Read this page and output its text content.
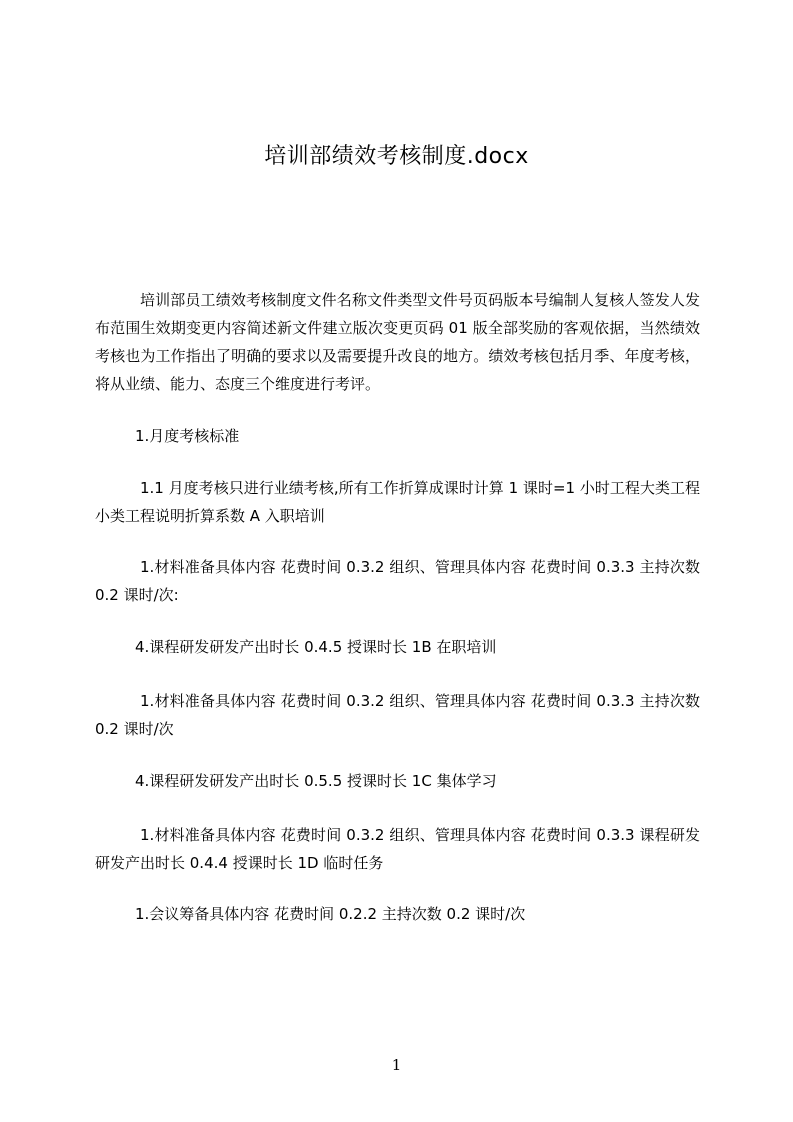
培训部绩效考核制度.docx

培训部员工绩效考核制度文件名称文件类型文件号页码版本号编制人复核人签发人发布范围生效期变更内容简述新文件建立版次变更页码 01 版全部奖励的客观依据，当然绩效考核也为工作指出了明确的要求以及需要提升改良的地方。绩效考核包括月季、年度考核，将从业绩、能力、态度三个维度进行考评。

1.月度考核标准

1.1 月度考核只进行业绩考核,所有工作折算成课时计算 1 课时=1 小时工程大类工程小类工程说明折算系数 A 入职培训

1.材料准备具体内容 花费时间 0.3.2 组织、管理具体内容 花费时间 0.3.3 主持次数 0.2 课时/次:

4.课程研发研发产出时长 0.4.5 授课时长 1B 在职培训

1.材料准备具体内容 花费时间 0.3.2 组织、管理具体内容 花费时间 0.3.3 主持次数 0.2 课时/次

4.课程研发研发产出时长 0.5.5 授课时长 1C 集体学习

1.材料准备具体内容 花费时间 0.3.2 组织、管理具体内容 花费时间 0.3.3 课程研发研发产出时长 0.4.4 授课时长 1D 临时任务

1.会议筹备具体内容 花费时间 0.2.2 主持次数 0.2 课时/次

1
